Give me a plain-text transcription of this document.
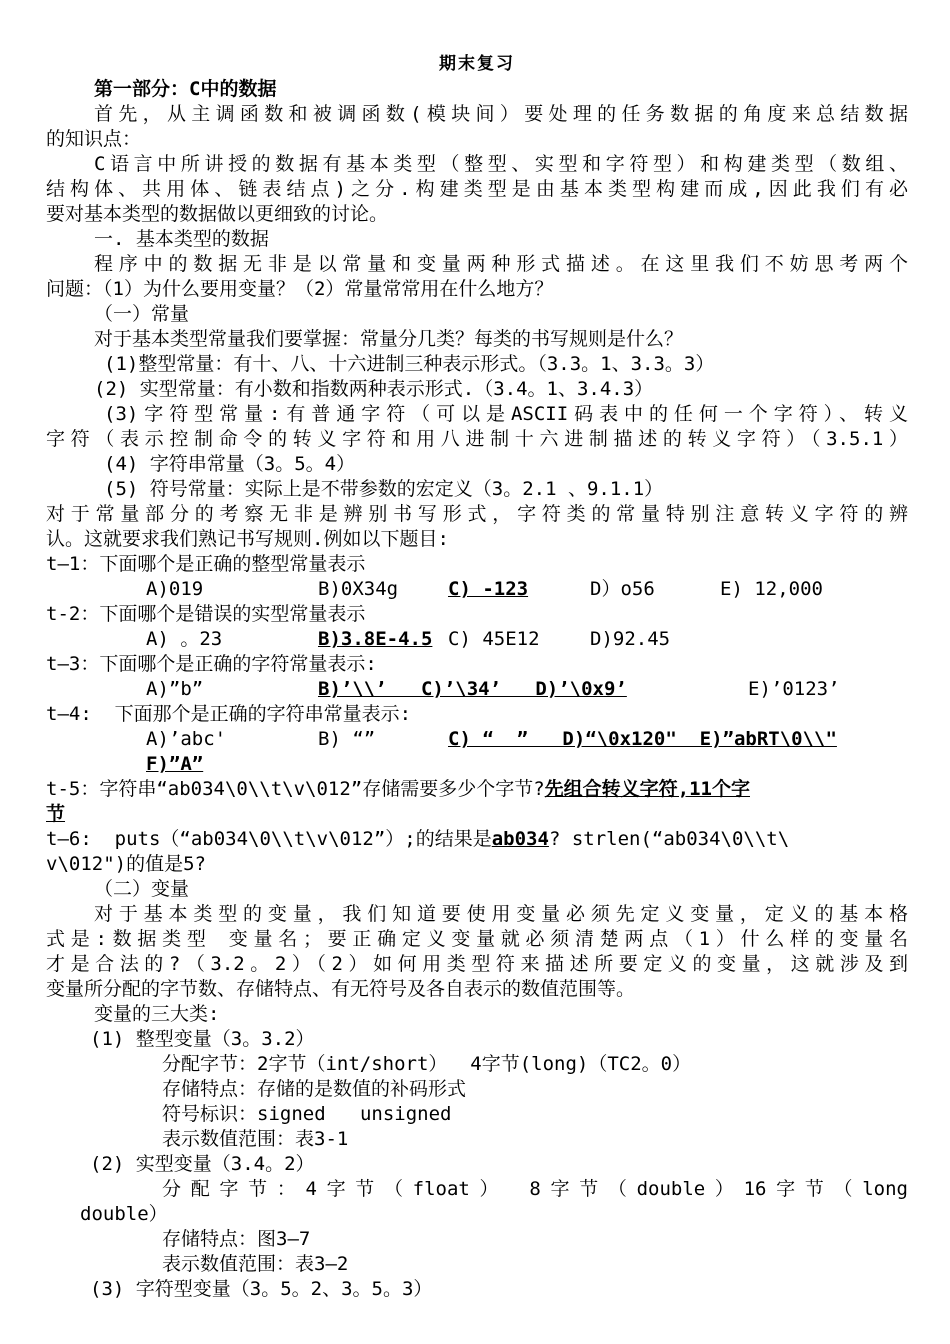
期末复习
第一部分：C中的数据
首先，从主调函数和被调函数(模块间）要处理的任务数据的角度来总结数据
的知识点：
C语言中所讲授的数据有基本类型（整型、实型和字符型）和构建类型（数组、
结构体、共用体、链表结点)之分.构建类型是由基本类型构建而成,因此我们有必
要对基本类型的数据做以更细致的讨论。
一. 基本类型的数据
程序中的数据无非是以常量和变量两种形式描述。在这里我们不妨思考两个
问题：（1）为什么要用变量？（2）常量常常用在什么地方？
（一）常量
对于基本类型常量我们要掌握：常量分几类？每类的书写规则是什么？
(1)整型常量：有十、八、十六进制三种表示形式。（3.3。1、3.3。3）
(2) 实型常量：有小数和指数两种表示形式.（3.4。1、3.4.3）
(3)字符型常量:有普通字符（可以是ASCII码表中的任何一个字符）、转义
字符（表示控制命令的转义字符和用八进制十六进制描述的转义字符）（3.5.1）
(4) 字符串常量（3。5。4）
(5) 符号常量：实际上是不带参数的宏定义（3。2.1 、9.1.1）
对于常量部分的考察无非是辨别书写形式，字符类的常量特别注意转义字符的辨
认。这就要求我们熟记书写规则.例如以下题目:
t—1：下面哪个是正确的整型常量表示
A)019	B)0X34g	C) -123	D）o56	E) 12,000
t-2：下面哪个是错误的实型常量表示
A) 。23	B)3.8E-4.5 C) 45E12	D)92.45
t—3：下面哪个是正确的字符常量表示:
A)”b”	B)’\\’   C)’\34’   D)’\0x9’	E)’0123’
t—4:  下面那个是正确的字符串常量表示:
A)’abc'	B) “”	C) “  ”   D)“\0x120"  E)”abRT\0\\"
F)”A”
t-5：字符串“ab034\0\\t\v\012”存储需要多少个字节?先组合转义字符,11个字
节
t—6:  puts（“ab034\0\\t\v\012”）;的结果是ab034? strlen(“ab034\0\\t\
v\012")的值是5?
（二）变量
对于基本类型的变量，我们知道要使用变量必须先定义变量，定义的基本格
式是:数据类型 变量名；要正确定义变量就必须清楚两点（1）什么样的变量名
才是合法的?（3.2。2）（2）如何用类型符来描述所要定义的变量，这就涉及到
变量所分配的字节数、存储特点、有无符号及各自表示的数值范围等。
变量的三大类:
(1) 整型变量（3。3.2）
分配字节：2字节（int/short）  4字节(long)（TC2。0）
存储特点：存储的是数值的补码形式
符号标识：signed   unsigned
表示数值范围：表3-1
(2) 实型变量（3.4。2）
分配字节：4字节（float） 8字节（double）16字节（long
double）
存储特点：图3—7
表示数值范围：表3—2
(3) 字符型变量（3。5。2、3。5。3）
